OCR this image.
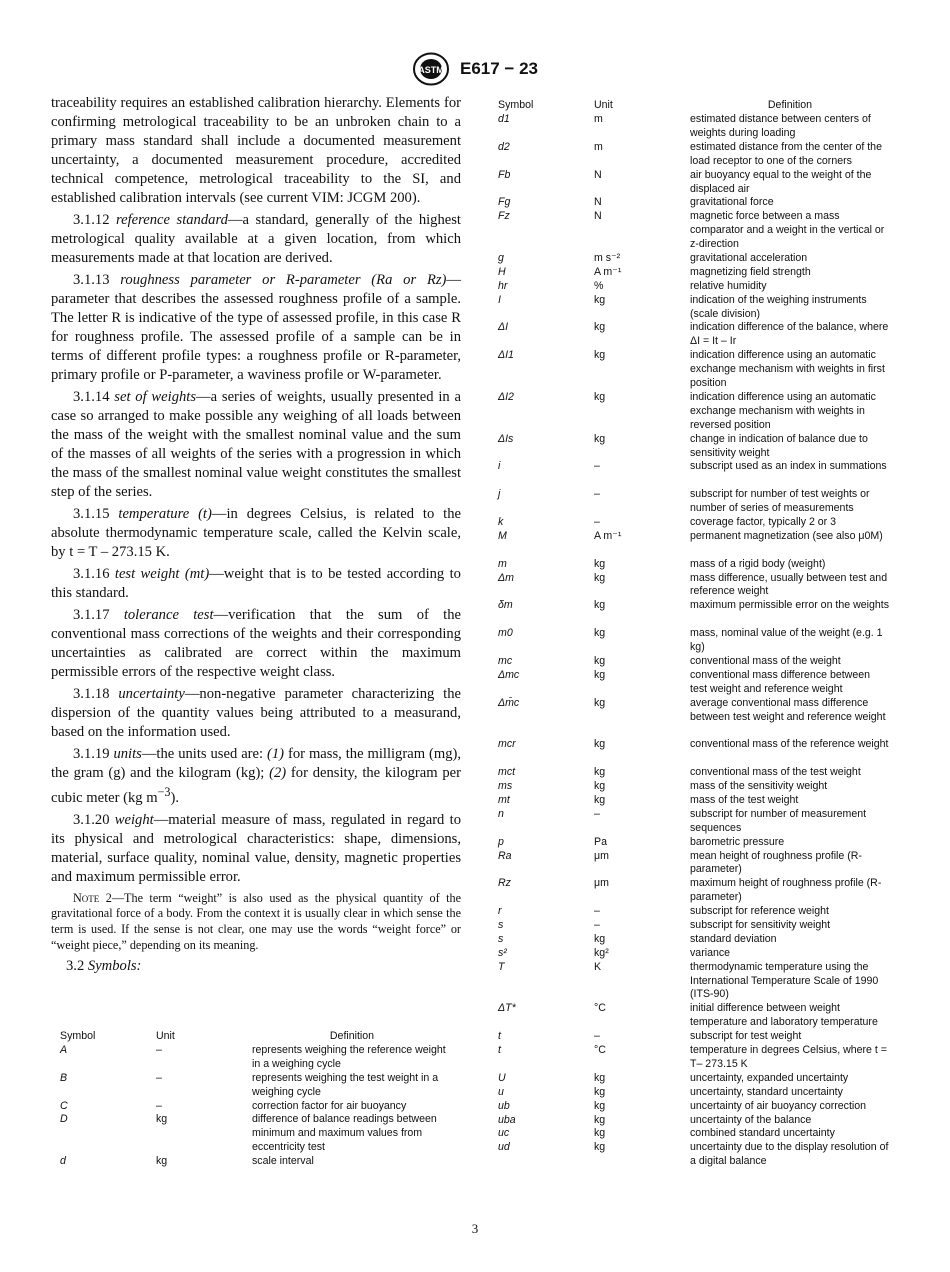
ASTM E617 − 23

traceability requires an established calibration hierarchy. Elements for confirming metrological traceability to be an unbroken chain to a primary mass standard shall include a documented measurement uncertainty, a documented measurement procedure, accredited technical competence, metrological traceability to the SI, and established calibration intervals (see current VIM: JCGM 200).

3.1.12 reference standard—a standard, generally of the highest metrological quality available at a given location, from which measurements made at that location are derived.

3.1.13 roughness parameter or R-parameter (Ra or Rz)— parameter that describes the assessed roughness profile of a sample. The letter R is indicative of the type of assessed profile, in this case R for roughness profile. The assessed profile of a sample can be in terms of different profile types: a roughness profile or R-parameter, primary profile or P-parameter, a waviness profile or W-parameter.

3.1.14 set of weights—a series of weights, usually presented in a case so arranged to make possible any weighing of all loads between the mass of the weight with the smallest nominal value and the sum of the masses of all weights of the series with a progression in which the mass of the smallest nominal value weight constitutes the smallest step of the series.

3.1.15 temperature (t)—in degrees Celsius, is related to the absolute thermodynamic temperature scale, called the Kelvin scale, by t = T – 273.15 K.

3.1.16 test weight (mt)—weight that is to be tested according to this standard.

3.1.17 tolerance test—verification that the sum of the conventional mass corrections of the weights and their corresponding uncertainties as calibrated are correct within the maximum permissible errors of the respective weight class.

3.1.18 uncertainty—non-negative parameter characterizing the dispersion of the quantity values being attributed to a measurand, based on the information used.

3.1.19 units—the units used are: (1) for mass, the milligram (mg), the gram (g) and the kilogram (kg); (2) for density, the kilogram per cubic meter (kg $m^{-3}$).

3.1.20 weight—material measure of mass, regulated in regard to its physical and metrological characteristics: shape, dimensions, material, surface quality, nominal value, density, magnetic properties and maximum permissible error.

Note 2—The term “weight” is also used as the physical quantity of the gravitational force of a body. From the context it is usually clear in which sense the term is used. If the sense is not clear, one may use the words “weight force” or “weight piece,” depending on its meaning.

3.2 Symbols:

Symbol	Unit	Definition
A	–	represents weighing the reference weight in a weighing cycle
B	–	represents weighing the test weight in a weighing cycle
C	–	correction factor for air buoyancy
D	kg	difference of balance readings between minimum and maximum values from eccentricity test
d	kg	scale interval
Symbol	Unit	Definition
d1	m	estimated distance between centers of weights during loading
d2	m	estimated distance from the center of the load receptor to one of the corners
Fb	N	air buoyancy equal to the weight of the displaced air
Fg	N	gravitational force
Fz	N	magnetic force between a mass comparator and a weight in the vertical or z-direction
g	m s⁻²	gravitational acceleration
H	A m⁻¹	magnetizing field strength
hr	%	relative humidity
I	kg	indication of the weighing instruments (scale division)
ΔI	kg	indication difference of the balance, where ΔI = It – Ir
ΔI1	kg	indication difference using an automatic exchange mechanism with weights in first position
ΔI2	kg	indication difference using an automatic exchange mechanism with weights in reversed position
ΔIs	kg	change in indication of balance due to sensitivity weight
i	–	subscript used as an index in summations
j	–	subscript for number of test weights or number of series of measurements
k	–	coverage factor, typically 2 or 3
M	A m⁻¹	permanent magnetization (see also μ0M)
m	kg	mass of a rigid body (weight)
Δm	kg	mass difference, usually between test and reference weight
δm	kg	maximum permissible error on the weights
m0	kg	mass, nominal value of the weight (e.g. 1 kg)
mc	kg	conventional mass of the weight
Δmc	kg	conventional mass difference between test weight and reference weight
Δm̄c	kg	average conventional mass difference between test weight and reference weight
mcr	kg	conventional mass of the reference weight
mct	kg	conventional mass of the test weight
ms	kg	mass of the sensitivity weight
mt	kg	mass of the test weight
n	–	subscript for number of measurement sequences
p	Pa	barometric pressure
Ra	μm	mean height of roughness profile (R-parameter)
Rz	μm	maximum height of roughness profile (R-parameter)
r	–	subscript for reference weight
s	–	subscript for sensitivity weight
s	kg	standard deviation
s²	kg²	variance
T	K	thermodynamic temperature using the International Temperature Scale of 1990 (ITS-90)
ΔT*	°C	initial difference between weight temperature and laboratory temperature
t	–	subscript for test weight
t	°C	temperature in degrees Celsius, where t = T– 273.15 K
U	kg	uncertainty, expanded uncertainty
u	kg	uncertainty, standard uncertainty
ub	kg	uncertainty of air buoyancy correction
uba	kg	uncertainty of the balance
uc	kg	combined standard uncertainty
ud	kg	uncertainty due to the display resolution of a digital balance
3
